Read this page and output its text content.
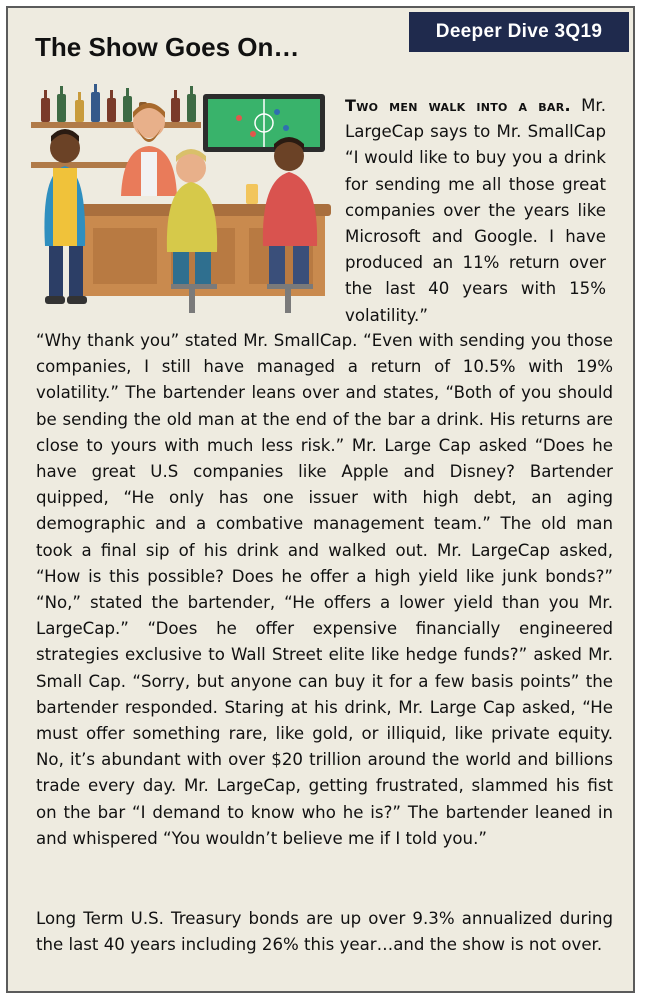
Deeper Dive 3Q19
The Show Goes On…

Two men walk into a bar. Mr. LargeCap says to Mr. SmallCap “I would like to buy you a drink for sending me all those great companies over the years like Microsoft and Google. I have produced an 11% return over the last 40 years with 15% volatility.”

“Why thank you” stated Mr. SmallCap. “Even with sending you those companies, I still have managed a return of 10.5% with 19% volatility.” The bartender leans over and states, “Both of you should be sending the old man at the end of the bar a drink. His returns are close to yours with much less risk.” Mr. Large Cap asked “Does he have great U.S companies like Apple and Disney? Bartender quipped, “He only has one issuer with high debt, an aging demographic and a combative management team.” The old man took a final sip of his drink and walked out. Mr. LargeCap asked, “How is this possible? Does he offer a high yield like junk bonds?” “No,” stated the bartender, “He offers a lower yield than you Mr. LargeCap.” “Does he offer expensive financially engineered strategies exclusive to Wall Street elite like hedge funds?” asked Mr. Small Cap. “Sorry, but anyone can buy it for a few basis points” the bartender responded. Staring at his drink, Mr. Large Cap asked, “He must offer something rare, like gold, or illiquid, like private equity. No, it’s abundant with over $20 trillion around the world and billions trade every day. Mr. LargeCap, getting frustrated, slammed his fist on the bar “I demand to know who he is?” The bartender leaned in and whispered “You wouldn’t believe me if I told you.”

Long Term U.S. Treasury bonds are up over 9.3% annualized during the last 40 years including 26% this year…and the show is not over.
